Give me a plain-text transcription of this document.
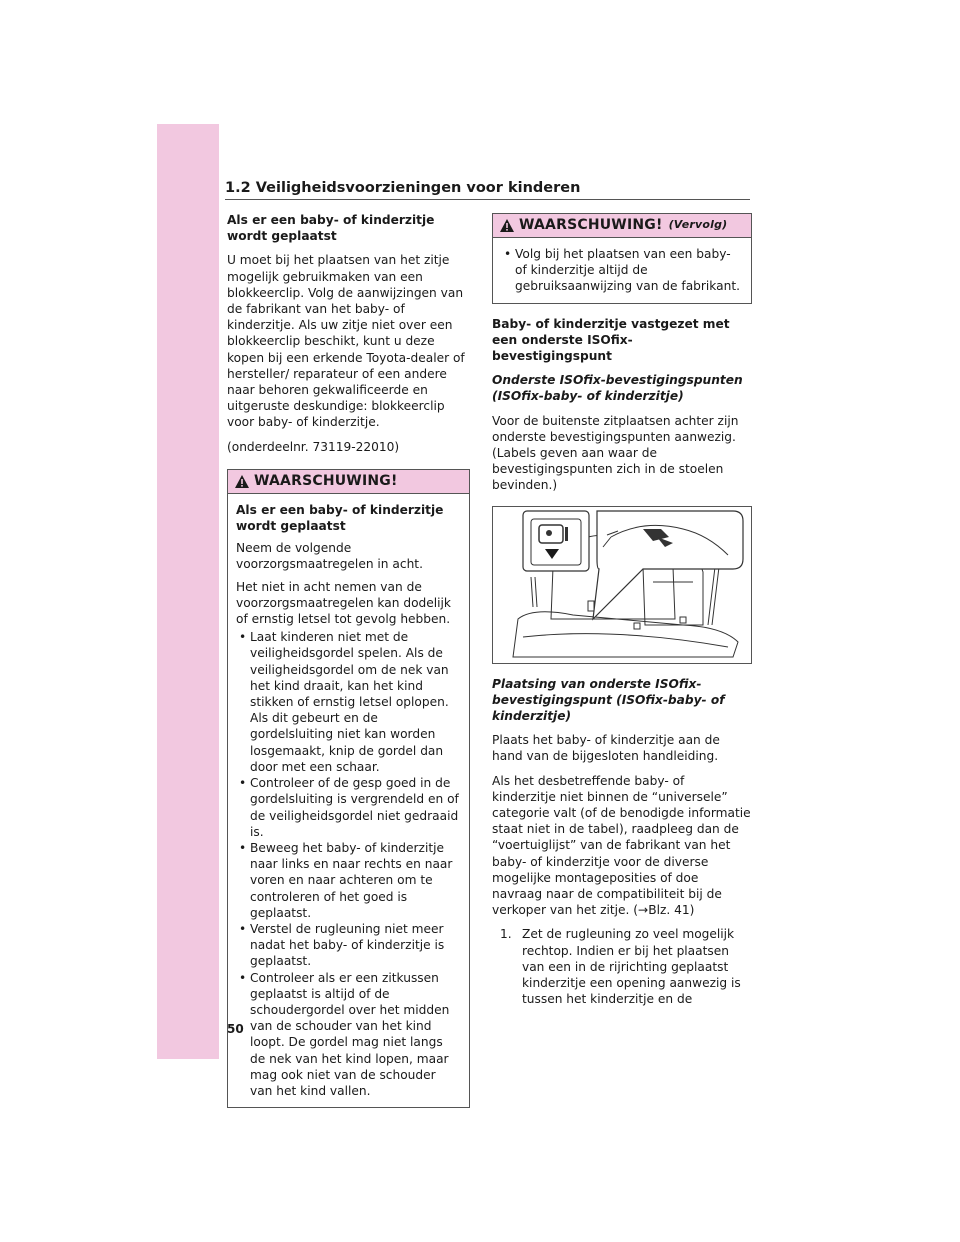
1.2 Veiligheidsvoorzieningen voor kinderen
Als er een baby- of kinderzitje wordt geplaatst

U moet bij het plaatsen van het zitje mogelijk gebruikmaken van een blokkeerclip. Volg de aanwijzingen van de fabrikant van het baby- of kinderzitje. Als uw zitje niet over een blokkeerclip beschikt, kunt u deze kopen bij een erkende Toyota-dealer of hersteller/ reparateur of een andere naar behoren gekwalificeerde en uitgeruste deskundige: blokkeerclip voor baby- of kinderzitje.

(onderdeelnr. 73119-22010)

WAARSCHUWING!
Als er een baby- of kinderzitje wordt geplaatst

Neem de volgende voorzorgsmaatregelen in acht.

Het niet in acht nemen van de voorzorgsmaatregelen kan dodelijk of ernstig letsel tot gevolg hebben.

• Laat kinderen niet met de veiligheidsgordel spelen. Als de veiligheidsgordel om de nek van het kind draait, kan het kind stikken of ernstig letsel oplopen. Als dit gebeurt en de gordelsluiting niet kan worden losgemaakt, knip de gordel dan door met een schaar.
• Controleer of de gesp goed in de gordelsluiting is vergrendeld en of de veiligheidsgordel niet gedraaid is.
• Beweeg het baby- of kinderzitje naar links en naar rechts en naar voren en naar achteren om te controleren of het goed is geplaatst.
• Verstel de rugleuning niet meer nadat het baby- of kinderzitje is geplaatst.
• Controleer als er een zitkussen geplaatst is altijd of de schoudergordel over het midden van de schouder van het kind loopt. De gordel mag niet langs de nek van het kind lopen, maar mag ook niet van de schouder van het kind vallen.
WAARSCHUWING! (Vervolg)
• Volg bij het plaatsen van een baby- of kinderzitje altijd de gebruiksaanwijzing van de fabrikant.
Baby- of kinderzitje vastgezet met een onderste ISOfix-bevestigingspunt
Onderste ISOfix-bevestigingspunten (ISOfix-baby- of kinderzitje)

Voor de buitenste zitplaatsen achter zijn onderste bevestigingspunten aanwezig. (Labels geven aan waar de bevestigingspunten zich in de stoelen bevinden.)

Plaatsing van onderste ISOfix-bevestigingspunt (ISOfix-baby- of kinderzitje)

Plaats het baby- of kinderzitje aan de hand van de bijgesloten handleiding.

Als het desbetreffende baby- of kinderzitje niet binnen de “universele” categorie valt (of de benodigde informatie staat niet in de tabel), raadpleeg dan de “voertuiglijst” van de fabrikant van het baby- of kinderzitje voor de diverse mogelijke montageposities of doe navraag naar de compatibiliteit bij de verkoper van het zitje. (→Blz. 41)

1. Zet de rugleuning zo veel mogelijk rechtop. Indien er bij het plaatsen van een in de rijrichting geplaatst kinderzitje een opening aanwezig is tussen het kinderzitje en de
50
